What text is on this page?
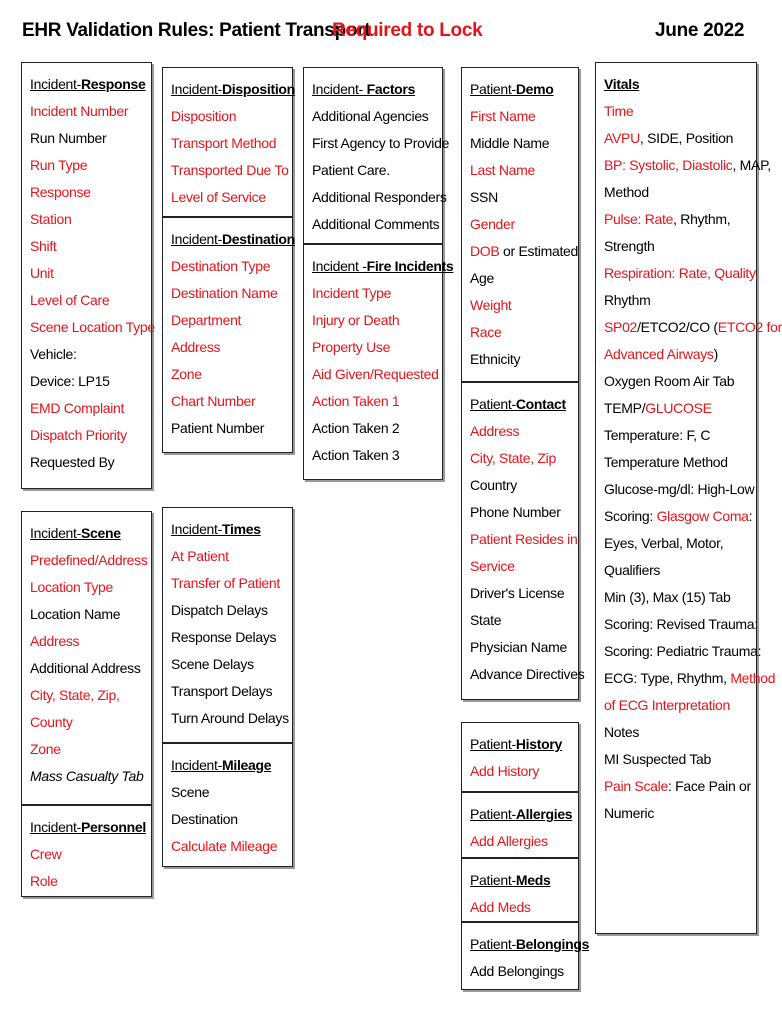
EHR Validation Rules: Patient Transport
Required to Lock	June 2022
Incident-Response
Incident Number
Run Number
Run Type
Response
Station
Shift
Unit
Level of Care
Scene Location Type
Vehicle:
Device: LP15
EMD Complaint
Dispatch Priority
Requested By
Incident-Scene
Predefined/Address
Location Type
Location Name
Address
Additional Address
City, State, Zip,
County
Zone
Mass Casualty Tab
Incident-Personnel
Crew
Role
Incident-Disposition
Disposition
Transport Method
Transported Due To
Level of Service
Incident-Destination
Destination Type
Destination Name
Department
Address
Zone
Chart Number
Patient Number
Incident-Times
At Patient
Transfer of Patient
Dispatch Delays
Response Delays
Scene Delays
Transport Delays
Turn Around Delays
Incident-Mileage
Scene
Destination
Calculate Mileage
Incident- Factors
Additional Agencies
First Agency to Provide
Patient Care.
Additional Responders
Additional Comments
Incident -Fire Incidents
Incident Type
Injury or Death
Property Use
Aid Given/Requested
Action Taken 1
Action Taken 2
Action Taken 3
Patient-Demo
First Name
Middle Name
Last Name
SSN
Gender
DOB or Estimated
Age
Weight
Race
Ethnicity
Patient-Contact
Address
City, State, Zip
Country
Phone Number
Patient Resides in
Service
Driver's License
State
Physician Name
Advance Directives
Patient-History
Add History
Patient-Allergies
Add Allergies
Patient-Meds
Add Meds
Patient-Belongings
Add Belongings
Vitals
Time
AVPU, SIDE, Position
BP: Systolic, Diastolic, MAP,
Method
Pulse: Rate, Rhythm,
Strength
Respiration: Rate, Quality,
Rhythm
SP02/ETCO2/CO (ETCO2 for
Advanced Airways)
Oxygen Room Air Tab
TEMP/GLUCOSE
Temperature: F, C
Temperature Method
Glucose-mg/dl: High-Low
Scoring: Glasgow Coma:
Eyes, Verbal, Motor,
Qualifiers
Min (3), Max (15) Tab
Scoring: Revised Trauma:
Scoring: Pediatric Trauma:
ECG: Type, Rhythm, Method
of ECG Interpretation
Notes
MI Suspected Tab
Pain Scale: Face Pain or
Numeric
